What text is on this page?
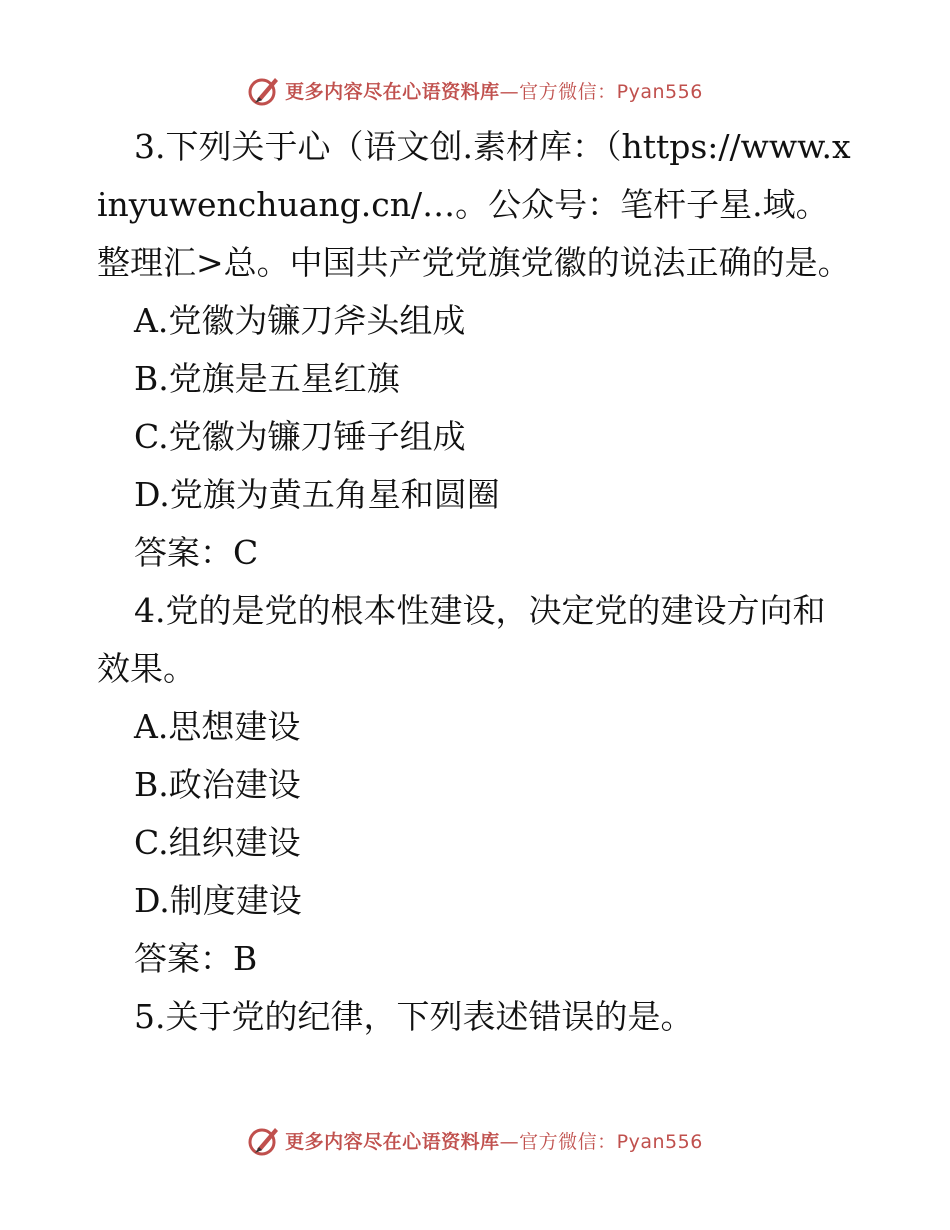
更多内容尽在心语资料库—官方微信：Pyan556

3.下列关于心（语文创.素材库：（https://www.xinyuwenchuang.cn/…。公众号：笔杆子星.域。整理汇>总。中国共产党党旗党徽的说法正确的是。

A.党徽为镰刀斧头组成

B.党旗是五星红旗

C.党徽为镰刀锤子组成

D.党旗为黄五角星和圆圈

答案：C

4.党的是党的根本性建设，决定党的建设方向和效果。

A.思想建设

B.政治建设

C.组织建设

D.制度建设

答案：B

5.关于党的纪律，下列表述错误的是。

更多内容尽在心语资料库—官方微信：Pyan556
